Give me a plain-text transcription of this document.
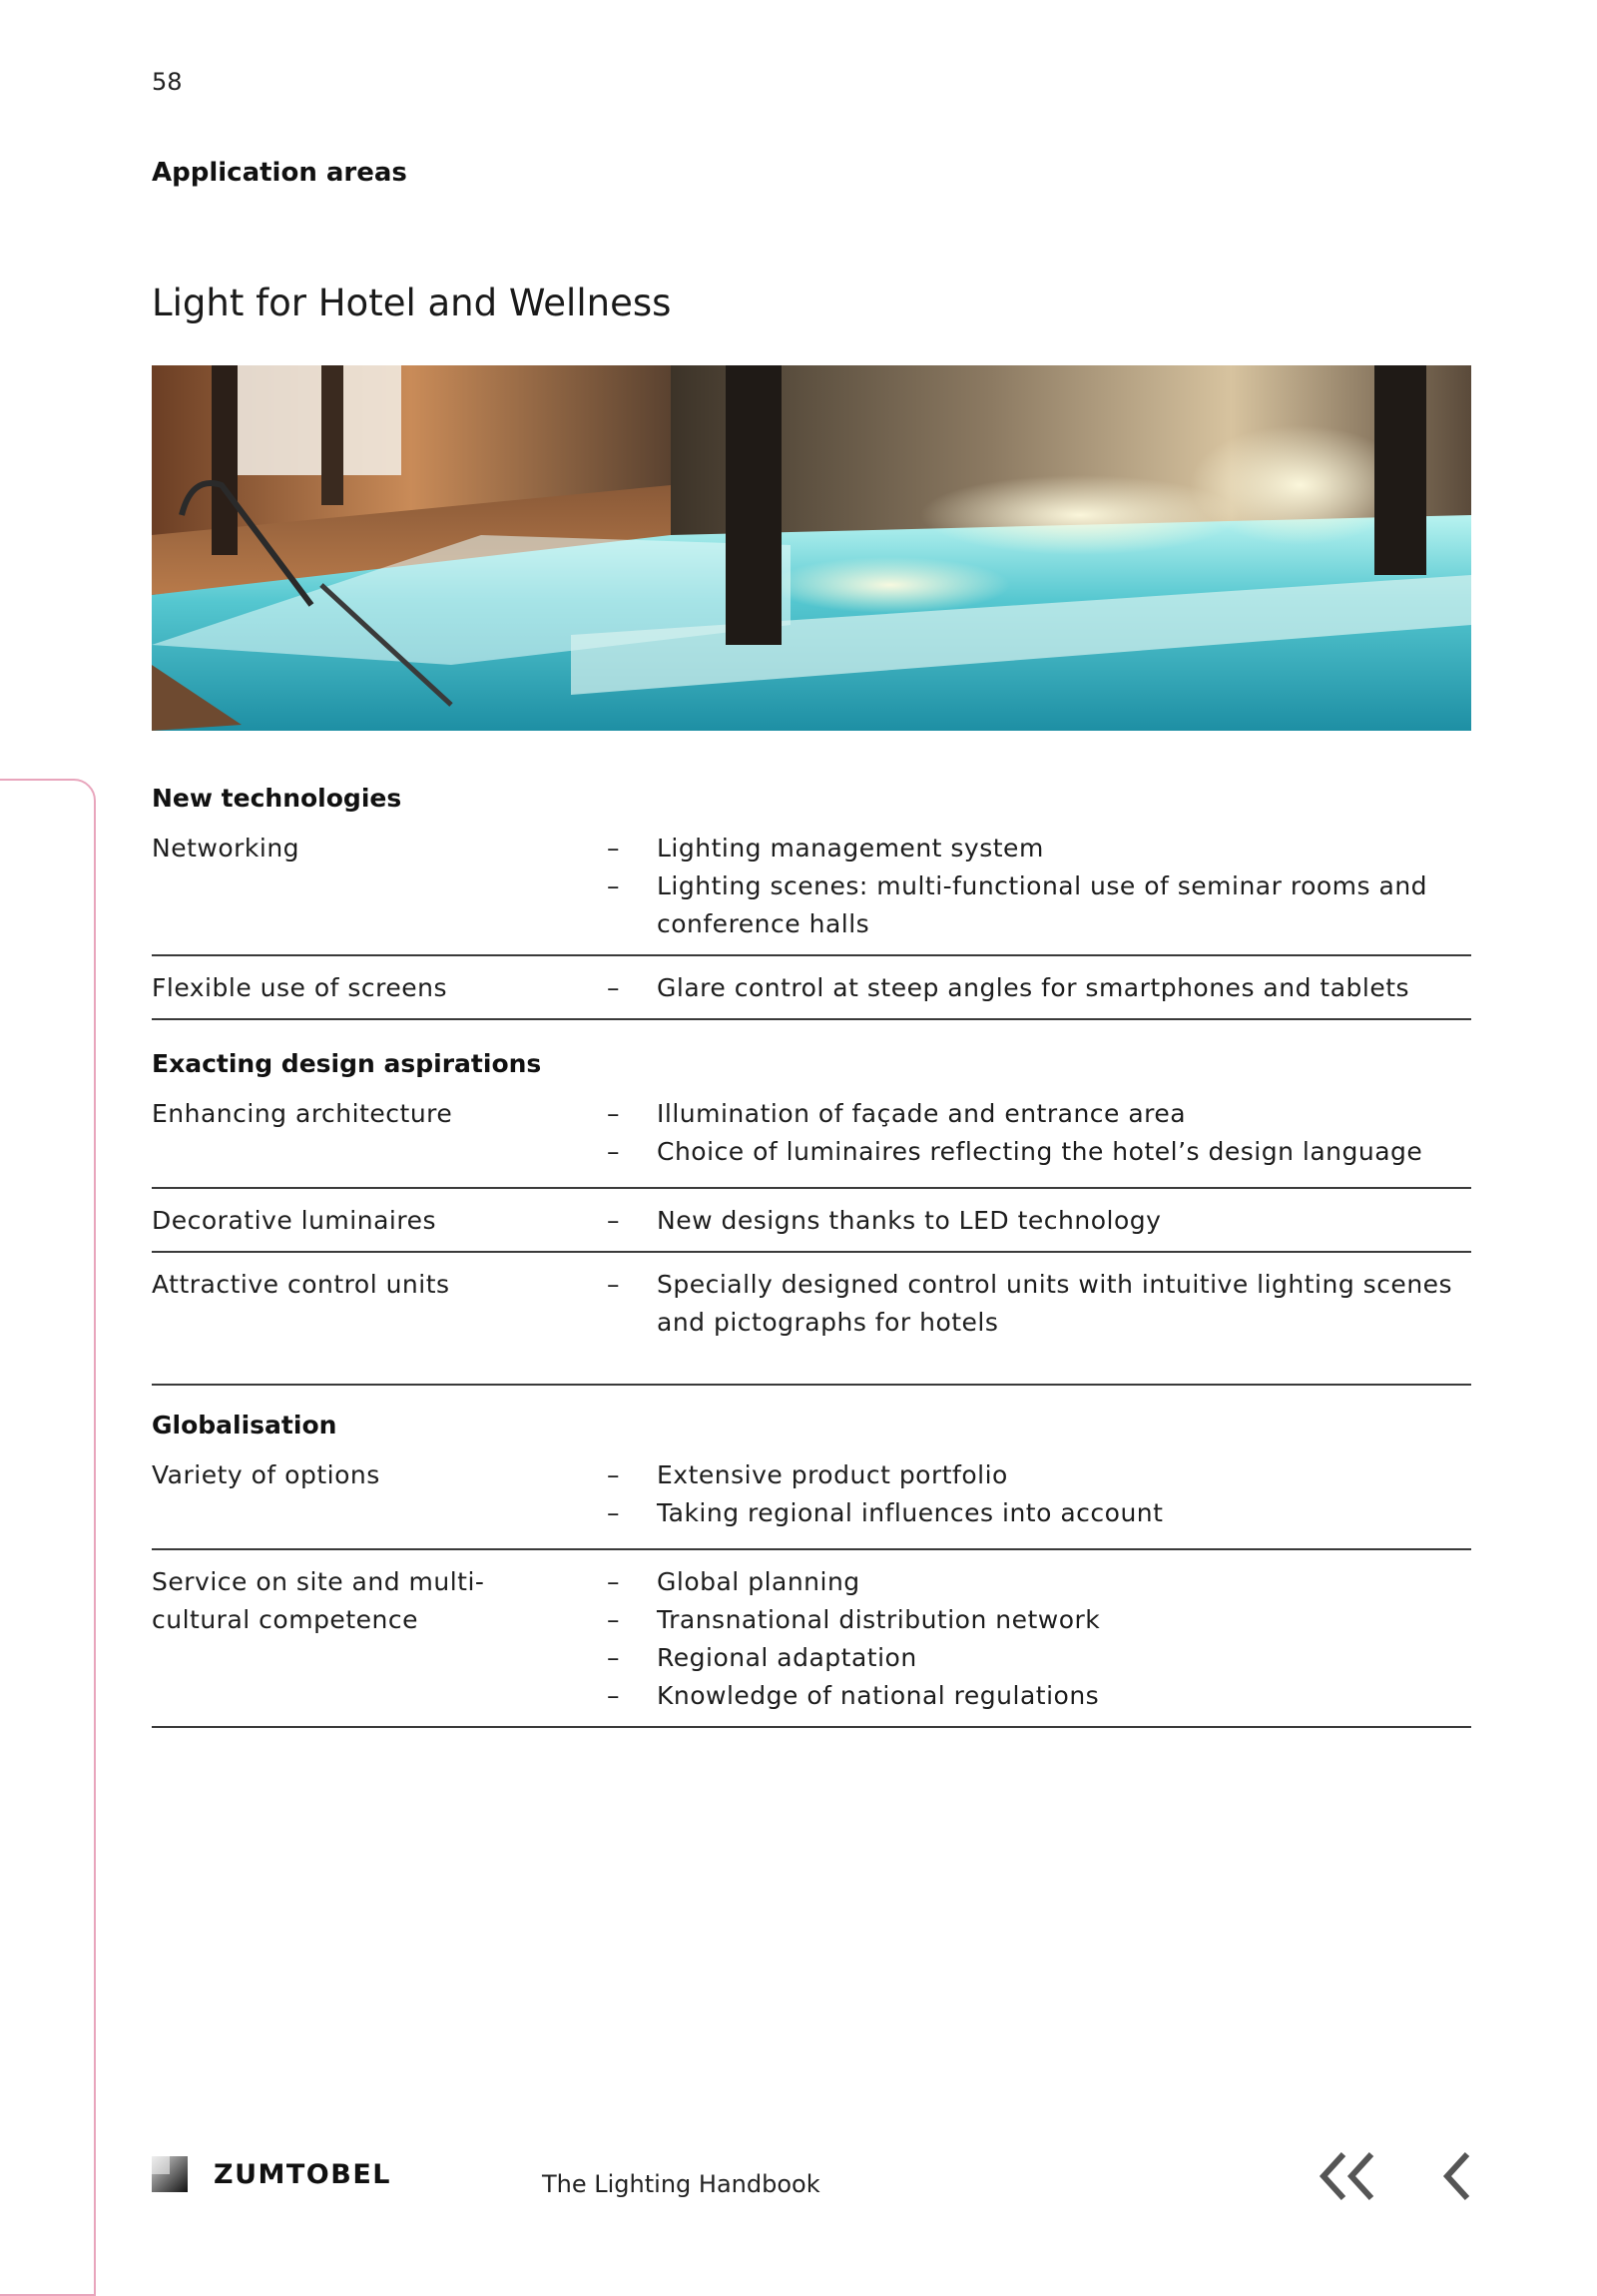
58
Application areas
Light for Hotel and Wellness
New technologies
Networking	– Lighting management system
– Lighting scenes: multi-functional use of seminar rooms and conference halls
Flexible use of screens	– Glare control at steep angles for smartphones and tablets
Exacting design aspirations
Enhancing architecture	– Illumination of façade and entrance area
– Choice of luminaires reflecting the hotel’s design language
Decorative luminaires	– New designs thanks to LED technology
Attractive control units	– Specially designed control units with intuitive lighting scenes and pictographs for hotels
Globalisation
Variety of options	– Extensive product portfolio
– Taking regional influences into account
Service on site and multi-cultural competence
– Global planning
– Transnational distribution network
– Regional adaptation
– Knowledge of national regulations
ZUMTOBEL	The Lighting Handbook
